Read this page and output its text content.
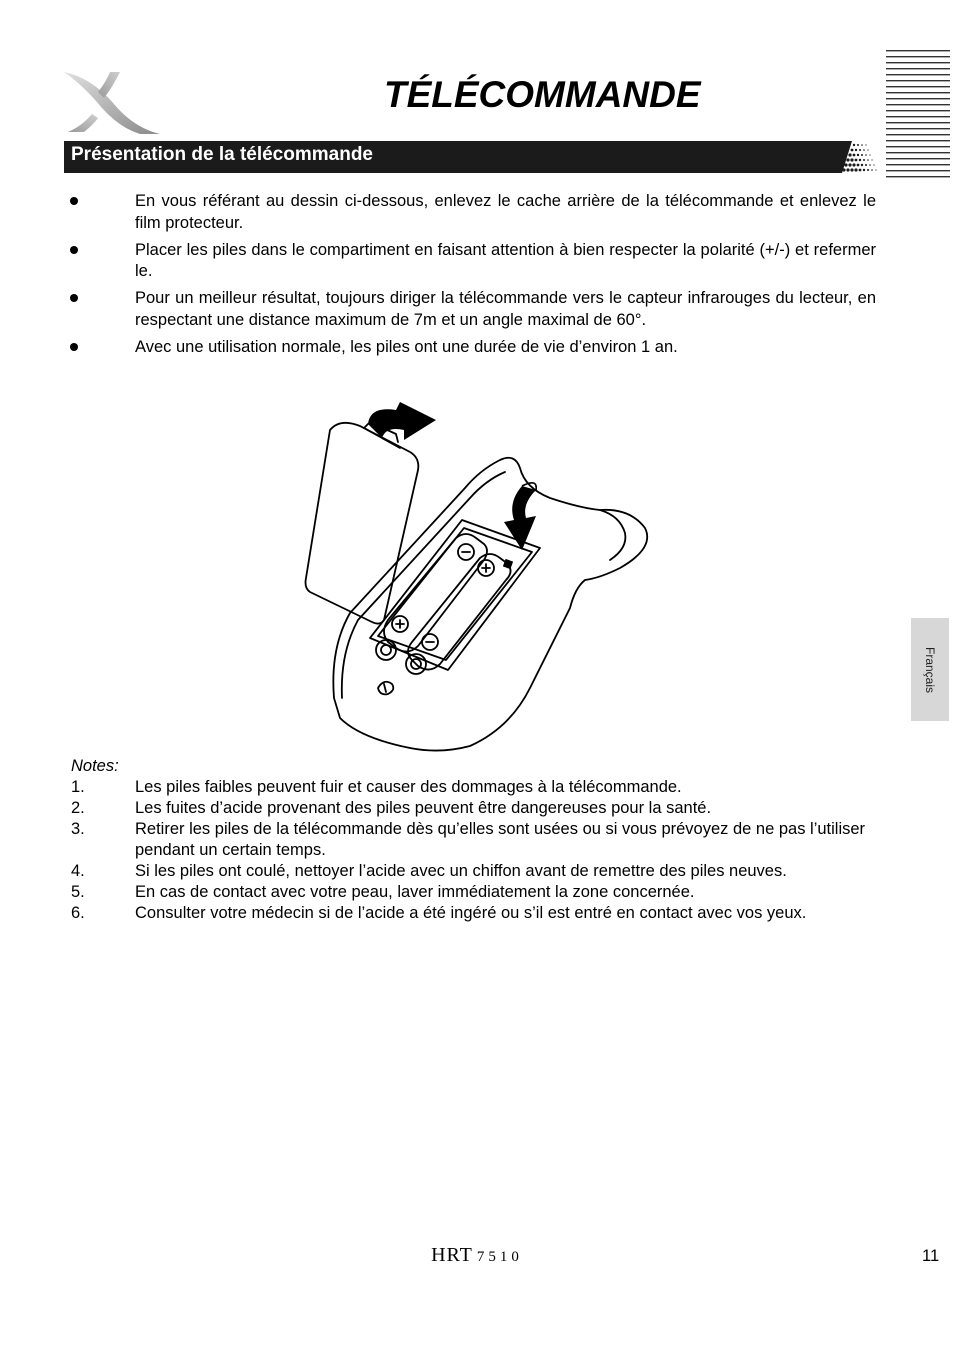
TÉLÉCOMMANDE
Présentation de la télécommande
En vous référant au dessin ci-dessous, enlevez le cache arrière de la télécommande et enlevez le film protecteur.
Placer les piles dans le compartiment en faisant attention à bien respecter la polarité (+/-) et refermer le.
Pour un meilleur résultat, toujours diriger la télécommande vers le capteur infrarouges du lecteur, en respectant une distance maximum de 7m et un angle maximal de 60°.
Avec une utilisation normale, les piles ont une durée de vie d’environ 1 an.
Notes:
1.	Les piles faibles peuvent fuir et causer des dommages à la télécommande.
2.	Les fuites d’acide provenant des piles peuvent être dangereuses pour la santé.
3.	Retirer les piles de la télécommande dès qu’elles sont usées ou si vous prévoyez de ne pas l’utiliser pendant un certain temps.
4.	Si les piles ont coulé, nettoyer l’acide avec un chiffon avant de remettre des piles neuves.
5.	En cas de contact avec votre peau, laver immédiatement la zone concernée.
6.	Consulter votre médecin si de l’acide a été ingéré ou s’il est entré en contact avec vos yeux.
Français
HRT 7510	11
